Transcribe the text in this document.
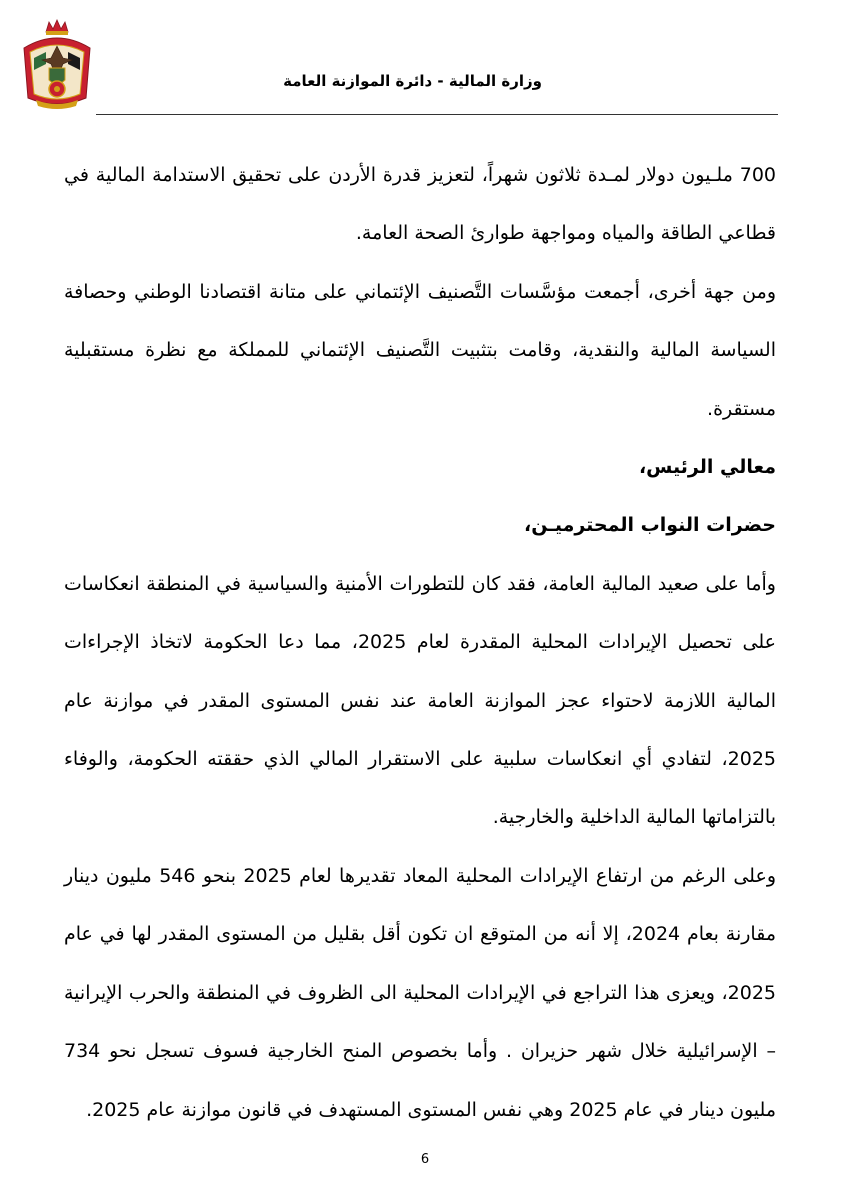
وزارة المالية - دائرة الموازنة العامة

700 ملـيون دولار لمـدة ثلاثون شهراً، لتعزيز قدرة الأردن على تحقيق الاستدامة المالية في قطاعي الطاقة والمياه ومواجهة طوارئ الصحة العامة.

ومن جهة أخرى، أجمعت مؤسَّسات التَّصنيف الإئتماني على متانة اقتصادنا الوطني وحصافة السياسة المالية والنقدية، وقامت بتثبيت التَّصنيف الإئتماني للمملكة مع نظرة مستقبلية مستقرة.

معالي الرئيس،

حضرات النواب المحترميـن،

وأما على صعيد المالية العامة، فقد كان للتطورات الأمنية والسياسية في المنطقة انعكاسات على تحصيل الإيرادات المحلية المقدرة لعام 2025، مما دعا الحكومة لاتخاذ الإجراءات المالية اللازمة لاحتواء عجز الموازنة العامة عند نفس المستوى المقدر في موازنة عام 2025، لتفادي أي انعكاسات سلبية على الاستقرار المالي الذي حققته الحكومة، والوفاء بالتزاماتها المالية الداخلية والخارجية.

وعلى الرغم من ارتفاع الإيرادات المحلية المعاد تقديرها لعام 2025 بنحو 546 مليون دينار مقارنة بعام 2024، إلا أنه من المتوقع ان تكون أقل بقليل من المستوى المقدر لها في عام 2025، ويعزى هذا التراجع في الإيرادات المحلية الى الظروف في المنطقة والحرب الإيرانية – الإسرائيلية خلال شهر حزيران . وأما بخصوص المنح الخارجية فسوف تسجل نحو 734 مليون دينار في عام 2025 وهي نفس المستوى المستهدف في قانون موازنة عام 2025.

6
